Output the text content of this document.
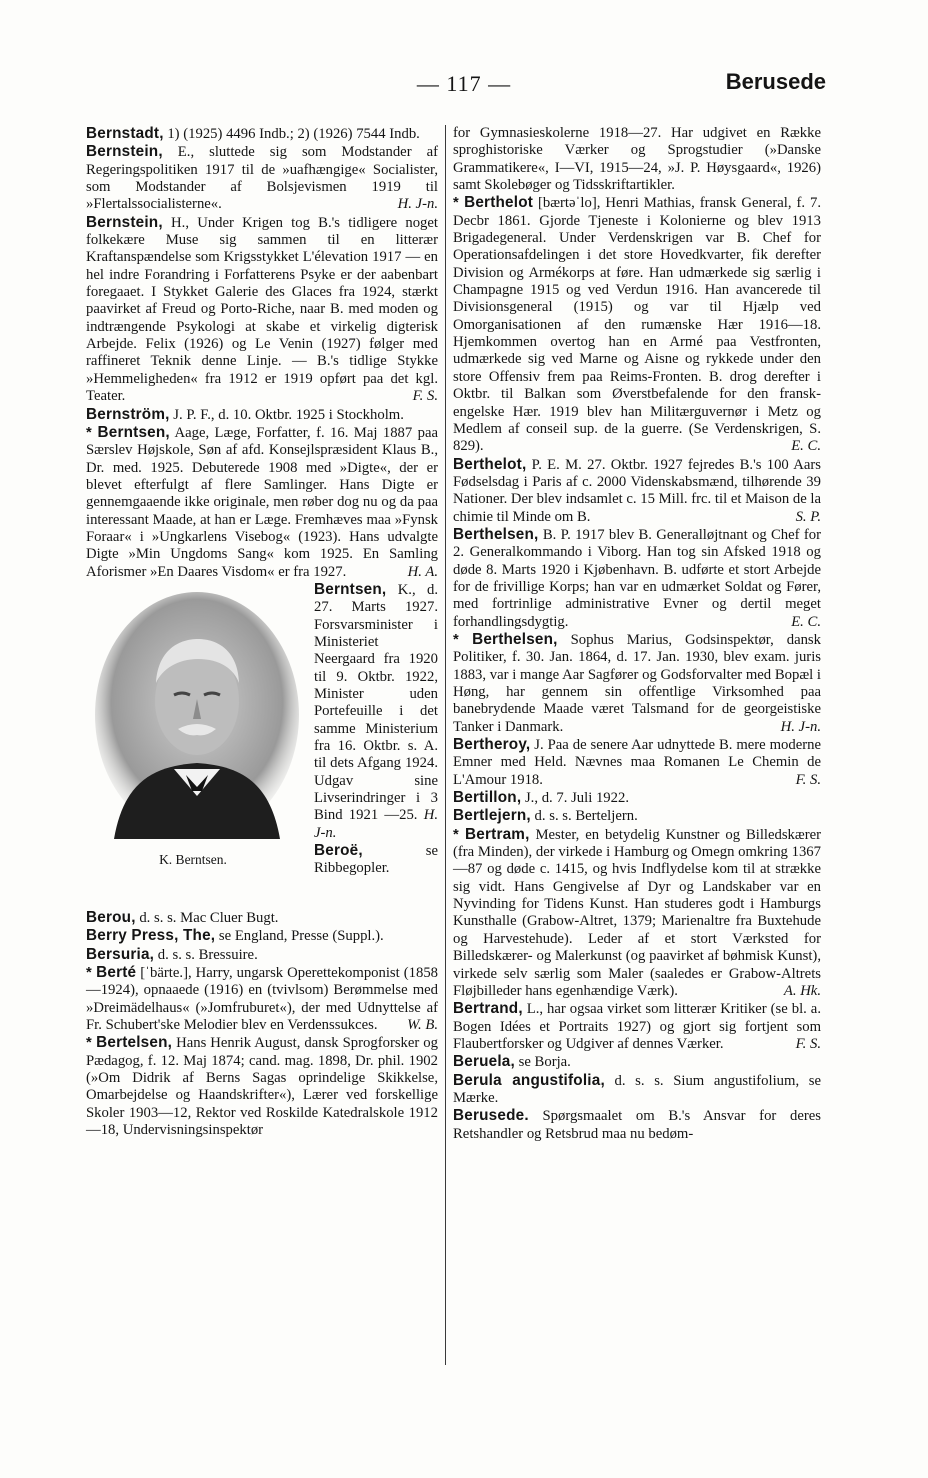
— 117 —	Berusede

Bernstadt, 1) (1925) 4496 Indb.; 2) (1926) 7544 Indb.

Bernstein, E., sluttede sig som Modstander af Regeringspolitiken 1917 til de »uafhængige« Socialister, som Modstander af Bolsjevismen 1919 til »Flertalssocialisterne«.	H. J-n.

Bernstein, H., Under Krigen tog B.'s tidligere noget folkekære Muse sig sammen til en litterær Kraftanspændelse som Krigsstykket L'élevation 1917 — en hel indre Forandring i Forfatterens Psyke er der aabenbart foregaaet. I Stykket Galerie des Glaces fra 1924, stærkt paavirket af Freud og Porto-Riche, naar B. med moden og indtrængende Psykologi at skabe et virkelig digterisk Arbejde. Felix (1926) og Le Venin (1927) følger med raffineret Teknik denne Linje. — B.'s tidlige Stykke »Hemmeligheden« fra 1912 er 1919 opført paa det kgl. Teater.	F. S.

Bernström, J. P. F., d. 10. Oktbr. 1925 i Stockholm.

* Berntsen, Aage, Læge, Forfatter, f. 16. Maj 1887 paa Særslev Højskole, Søn af afd. Konsejlspræsident Klaus B., Dr. med. 1925. Debuterede 1908 med »Digte«, der er blevet efterfulgt af flere Samlinger. Hans Digte er gennemgaaende ikke originale, men røber dog nu og da paa interessant Maade, at han er Læge. Fremhæves maa »Fynsk Foraar« i »Ungkarlens Visebog« (1923). Hans udvalgte Digte »Min Ungdoms Sang« kom 1925. En Samling Aforismer »En Daares Visdom« er fra 1927.	H. A.

K. Berntsen.
Berntsen, K., d. 27. Marts 1927. Forsvarsminister i Ministeriet Neergaard fra 1920 til 9. Oktbr. 1922, Minister uden Portefeuille i det samme Ministerium fra 16. Oktbr. s. A. til dets Afgang 1924. Udgav sine Livserindringer i 3 Bind 1921 —25. H. J-n.
Beroë, se Ribbegopler.

Berou, d. s. s. Mac Cluer Bugt.

Berry Press, The, se England, Presse (Suppl.).

Bersuria, d. s. s. Bressuire.

* Berté [ˈbärte.], Harry, ungarsk Operettekomponist (1858—1924), opnaaede (1916) en (tvivlsom) Berømmelse med »Dreimädelhaus« (»Jomfruburet«), der med Udnyttelse af Fr. Schubert'ske Melodier blev en Verdenssukces. W. B.

* Bertelsen, Hans Henrik August, dansk Sprogforsker og Pædagog, f. 12. Maj 1874; cand. mag. 1898, Dr. phil. 1902 (»Om Didrik af Berns Sagas oprindelige Skikkelse, Omarbejdelse og Haandskrifter«), Lærer ved forskellige Skoler 1903—12, Rektor ved Roskilde Katedralskole 1912—18, Undervisningsinspektør

for Gymnasieskolerne 1918—27. Har udgivet en Række sproghistoriske Værker og Sprogstudier (»Danske Grammatikere«, I—VI, 1915—24, »J. P. Høysgaard«, 1926) samt Skolebøger og Tidsskriftartikler.

* Berthelot [bærtəˈlo], Henri Mathias, fransk General, f. 7. Decbr 1861. Gjorde Tjeneste i Kolonierne og blev 1913 Brigadegeneral. Under Verdenskrigen var B. Chef for Operationsafdelingen i det store Hovedkvarter, fik derefter Division og Armékorps at føre. Han udmærkede sig særlig i Champagne 1915 og ved Verdun 1916. Han avancerede til Divisionsgeneral (1915) og var til Hjælp ved Omorganisationen af den rumænske Hær 1916—18. Hjemkommen overtog han en Armé paa Vestfronten, udmærkede sig ved Marne og Aisne og rykkede under den store Offensiv frem paa Reims-Fronten. B. drog derefter i Oktbr. til Balkan som Øverstbefalende for den fransk-engelske Hær. 1919 blev han Militærguvernør i Metz og Medlem af conseil sup. de la guerre. (Se Verdenskrigen, S. 829).	E. C.

Berthelot, P. E. M. 27. Oktbr. 1927 fejredes B.'s 100 Aars Fødselsdag i Paris af c. 2000 Videnskabsmænd, tilhørende 39 Nationer. Der blev indsamlet c. 15 Mill. frc. til et Maison de la chimie til Minde om B.	S. P.

Berthelsen, B. P. 1917 blev B. Generalløjtnant og Chef for 2. Generalkommando i Viborg. Han tog sin Afsked 1918 og døde 8. Marts 1920 i Kjøbenhavn. B. udførte et stort Arbejde for de frivillige Korps; han var en udmærket Soldat og Fører, med fortrinlige administrative Evner og dertil meget forhandlingsdygtig.	E. C.

* Berthelsen, Sophus Marius, Godsinspektør, dansk Politiker, f. 30. Jan. 1864, d. 17. Jan. 1930, blev exam. juris 1883, var i mange Aar Sagfører og Godsforvalter med Bopæl i Høng, har gennem sin offentlige Virksomhed paa banebrydende Maade været Talsmand for de georgeistiske Tanker i Danmark.	H. J-n.

Bertheroy, J. Paa de senere Aar udnyttede B. mere moderne Emner med Held. Nævnes maa Romanen Le Chemin de L'Amour 1918.	F. S.

Bertillon, J., d. 7. Juli 1922.

Bertlejern, d. s. s. Berteljern.

* Bertram, Mester, en betydelig Kunstner og Billedskærer (fra Minden), der virkede i Hamburg og Omegn omkring 1367—87 og døde c. 1415, og hvis Indflydelse kom til at strække sig vidt. Hans Gengivelse af Dyr og Landskaber var en Nyvinding for Tidens Kunst. Han studeres godt i Hamburgs Kunsthalle (Grabow-Altret, 1379; Marienaltre fra Buxtehude og Harvestehude). Leder af et stort Værksted for Billedskærer- og Malerkunst (og paavirket af bøhmisk Kunst), virkede selv særlig som Maler (saaledes er Grabow-Altrets Fløjbilleder hans egenhændige Værk).	A. Hk.

Bertrand, L., har ogsaa virket som litterær Kritiker (se bl. a. Bogen Idées et Portraits 1927) og gjort sig fortjent som Flaubertforsker og Udgiver af dennes Værker.	F. S.

Beruela, se Borja.

Berula angustifolia, d. s. s. Sium angustifolium, se Mærke.

Berusede. Spørgsmaalet om B.'s Ansvar for deres Retshandler og Retsbrud maa nu bedøm-
